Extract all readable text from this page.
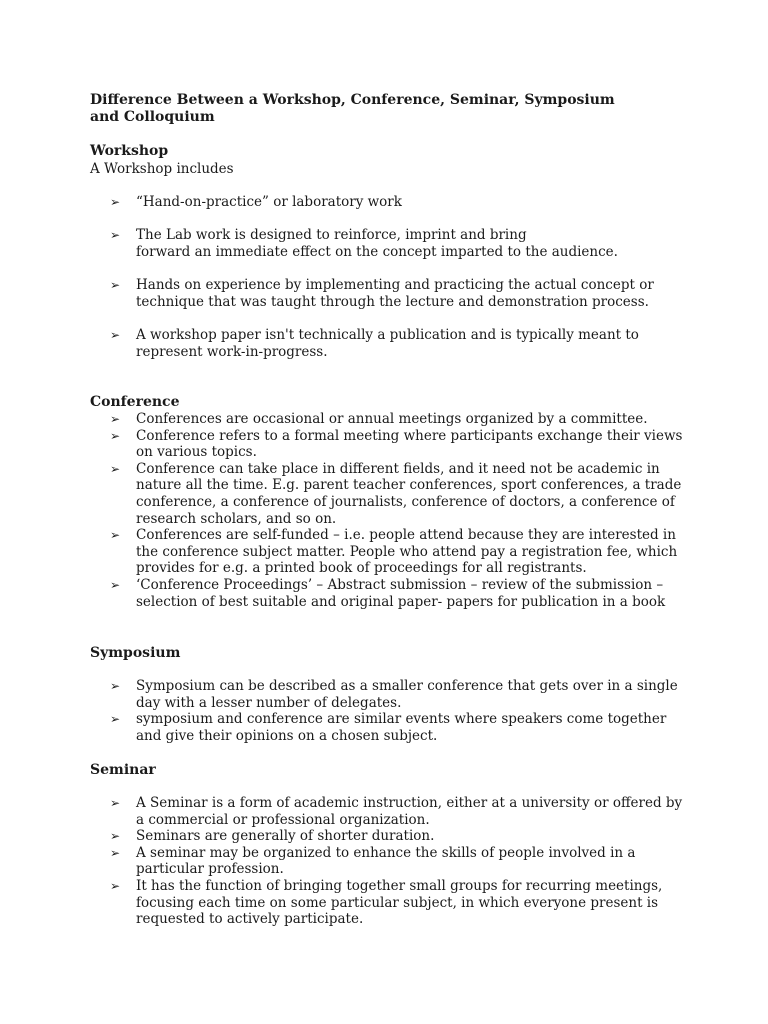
Difference Between a Workshop, Conference, Seminar, Symposium
and Colloquium
Workshop

A Workshop includes

➢ “Hand-on-practice” or laboratory work
➢ The Lab work is designed to reinforce, imprint and bring
forward an immediate effect on the concept imparted to the audience.
➢ Hands on experience by implementing and practicing the actual concept or
technique that was taught through the lecture and demonstration process.
➢ A workshop paper isn't technically a publication and is typically meant to
represent work-in-progress.
Conference
➢ Conferences are occasional or annual meetings organized by a committee.
➢ Conference refers to a formal meeting where participants exchange their views
on various topics.
➢ Conference can take place in different fields, and it need not be academic in
nature all the time. E.g. parent teacher conferences, sport conferences, a trade
conference, a conference of journalists, conference of doctors, a conference of
research scholars, and so on.
➢ Conferences are self-funded – i.e. people attend because they are interested in
the conference subject matter. People who attend pay a registration fee, which
provides for e.g. a printed book of proceedings for all registrants.
➢ ‘Conference Proceedings’ – Abstract submission – review of the submission –
selection of best suitable and original paper- papers for publication in a book
Symposium
➢ Symposium can be described as a smaller conference that gets over in a single
day with a lesser number of delegates.
➢ symposium and conference are similar events where speakers come together
and give their opinions on a chosen subject.
Seminar
➢ A Seminar is a form of academic instruction, either at a university or offered by
a commercial or professional organization.
➢ Seminars are generally of shorter duration.
➢ A seminar may be organized to enhance the skills of people involved in a
particular profession.
➢ It has the function of bringing together small groups for recurring meetings,
focusing each time on some particular subject, in which everyone present is
requested to actively participate.
